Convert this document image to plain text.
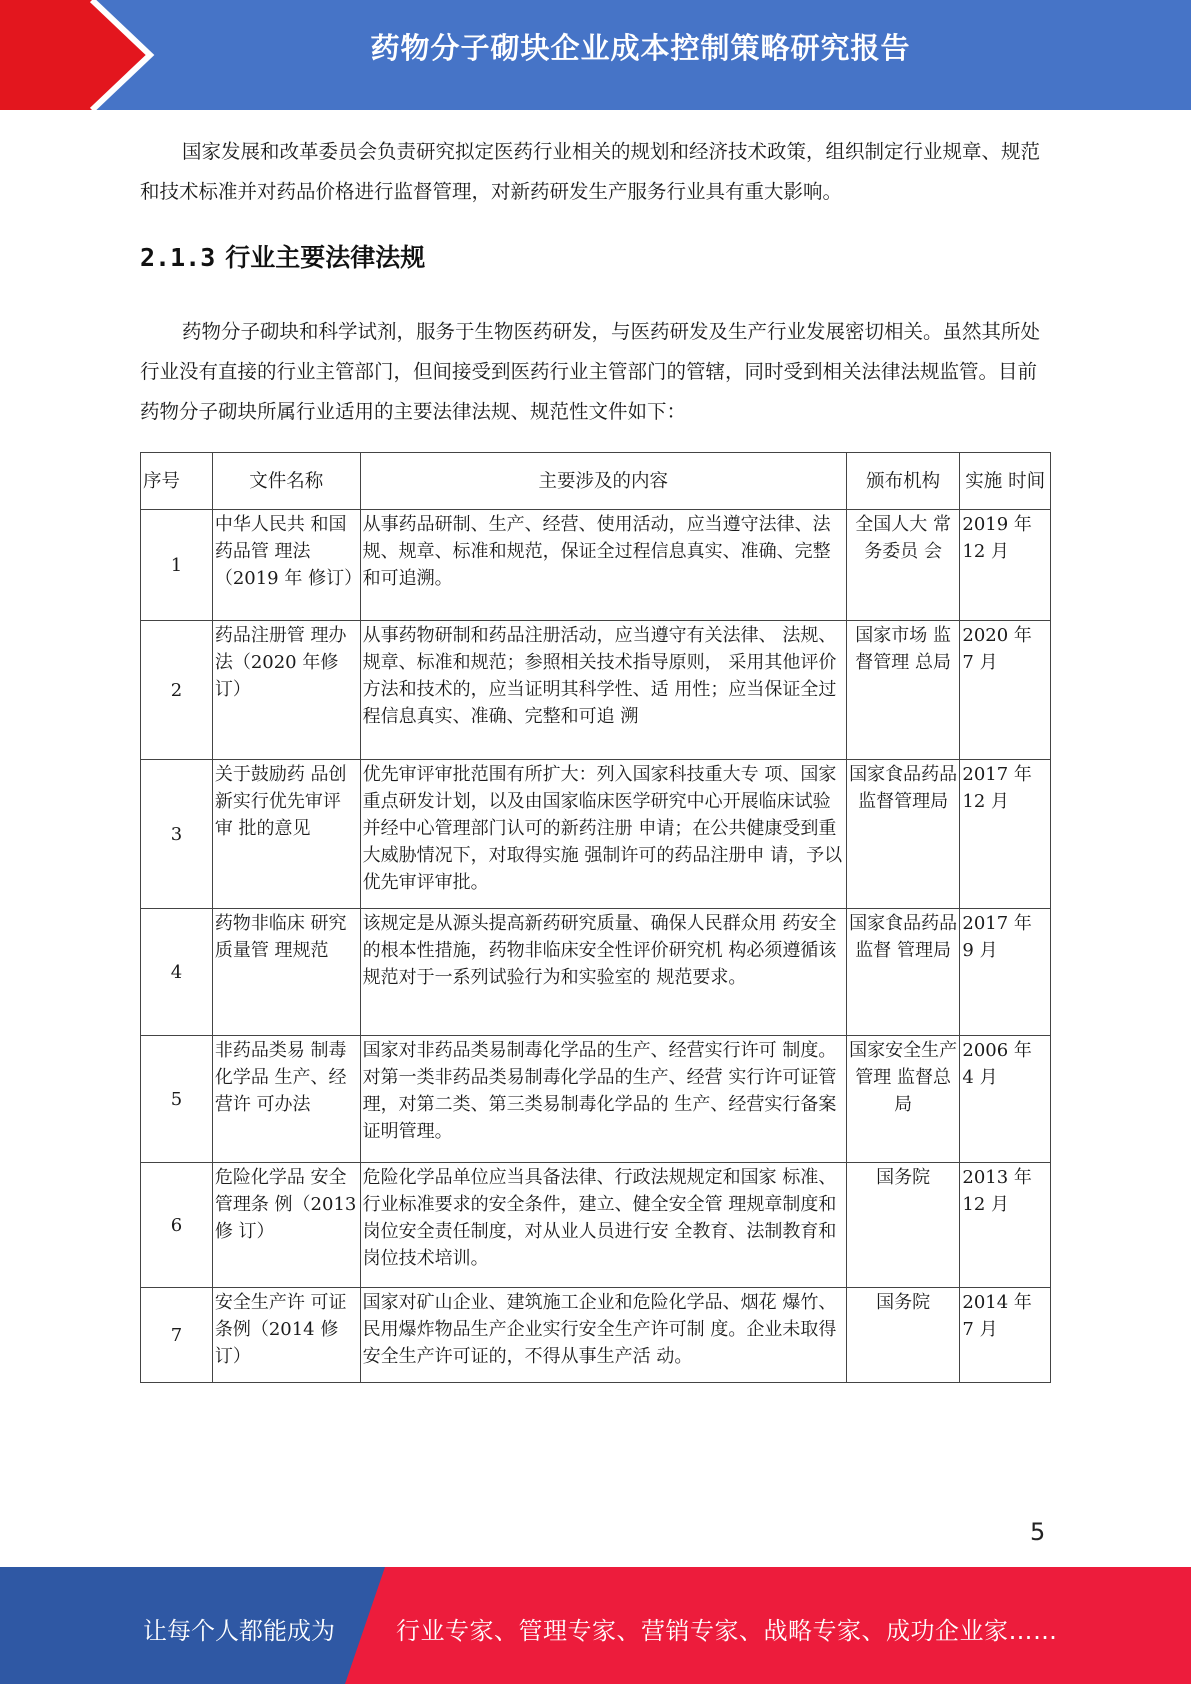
药物分子砌块企业成本控制策略研究报告
国家发展和改革委员会负责研究拟定医药行业相关的规划和经济技术政策，组织制定行业规章、规范和技术标准并对药品价格进行监督管理，对新药研发生产服务行业具有重大影响。
2.1.3 行业主要法律法规
药物分子砌块和科学试剂，服务于生物医药研发，与医药研发及生产行业发展密切相关。虽然其所处行业没有直接的行业主管部门，但间接受到医药行业主管部门的管辖，同时受到相关法律法规监管。目前药物分子砌块所属行业适用的主要法律法规、规范性文件如下：
序号	文件名称	主要涉及的内容	颁布机构	实施 时间
1	中华人民共 和国药品管 理法（2019 年 修订）	从事药品研制、生产、经营、使用活动，应当遵守法律、法规、规章、标准和规范，保证全过程信息真实、准确、完整和可追溯。	全国人大 常务委员 会	2019 年 12 月
2	药品注册管 理办法（2020 年修订）	从事药物研制和药品注册活动，应当遵守有关法律、 法规、规章、标准和规范；参照相关技术指导原则， 采用其他评价方法和技术的，应当证明其科学性、适 用性；应当保证全过程信息真实、准确、完整和可追 溯	国家市场 监督管理 总局	2020 年 7 月
3	关于鼓励药 品创新实行优先审评审 批的意见	优先审评审批范围有所扩大：列入国家科技重大专 项、国家重点研发计划，以及由国家临床医学研究中心开展临床试验并经中心管理部门认可的新药注册 申请；在公共健康受到重大威胁情况下，对取得实施 强制许可的药品注册申 请，予以优先审评审批。	国家食品药品监督管理局	2017 年 12 月
4	药物非临床 研究质量管 理规范	该规定是从源头提高新药研究质量、确保人民群众用 药安全的根本性措施，药物非临床安全性评价研究机 构必须遵循该规范对于一系列试验行为和实验室的 规范要求。	国家食品药品监督 管理局	2017 年 9 月
5	非药品类易 制毒化学品 生产、经营许 可办法	国家对非药品类易制毒化学品的生产、经营实行许可 制度。对第一类非药品类易制毒化学品的生产、经营 实行许可证管理，对第二类、第三类易制毒化学品的 生产、经营实行备案证明管理。	国家安全生产管理 监督总局	2006 年 4 月
6	危险化学品 安全管理条 例（2013 修 订）	危险化学品单位应当具备法律、行政法规规定和国家 标准、行业标准要求的安全条件，建立、健全安全管 理规章制度和岗位安全责任制度，对从业人员进行安 全教育、法制教育和岗位技术培训。	国务院	2013 年 12 月
7	安全生产许 可证条例（2014 修订）	国家对矿山企业、建筑施工企业和危险化学品、烟花 爆竹、民用爆炸物品生产企业实行安全生产许可制 度。企业未取得安全生产许可证的，不得从事生产活 动。	国务院	2014 年 7 月
5
让每个人都能成为	行业专家、管理专家、营销专家、战略专家、成功企业家……
